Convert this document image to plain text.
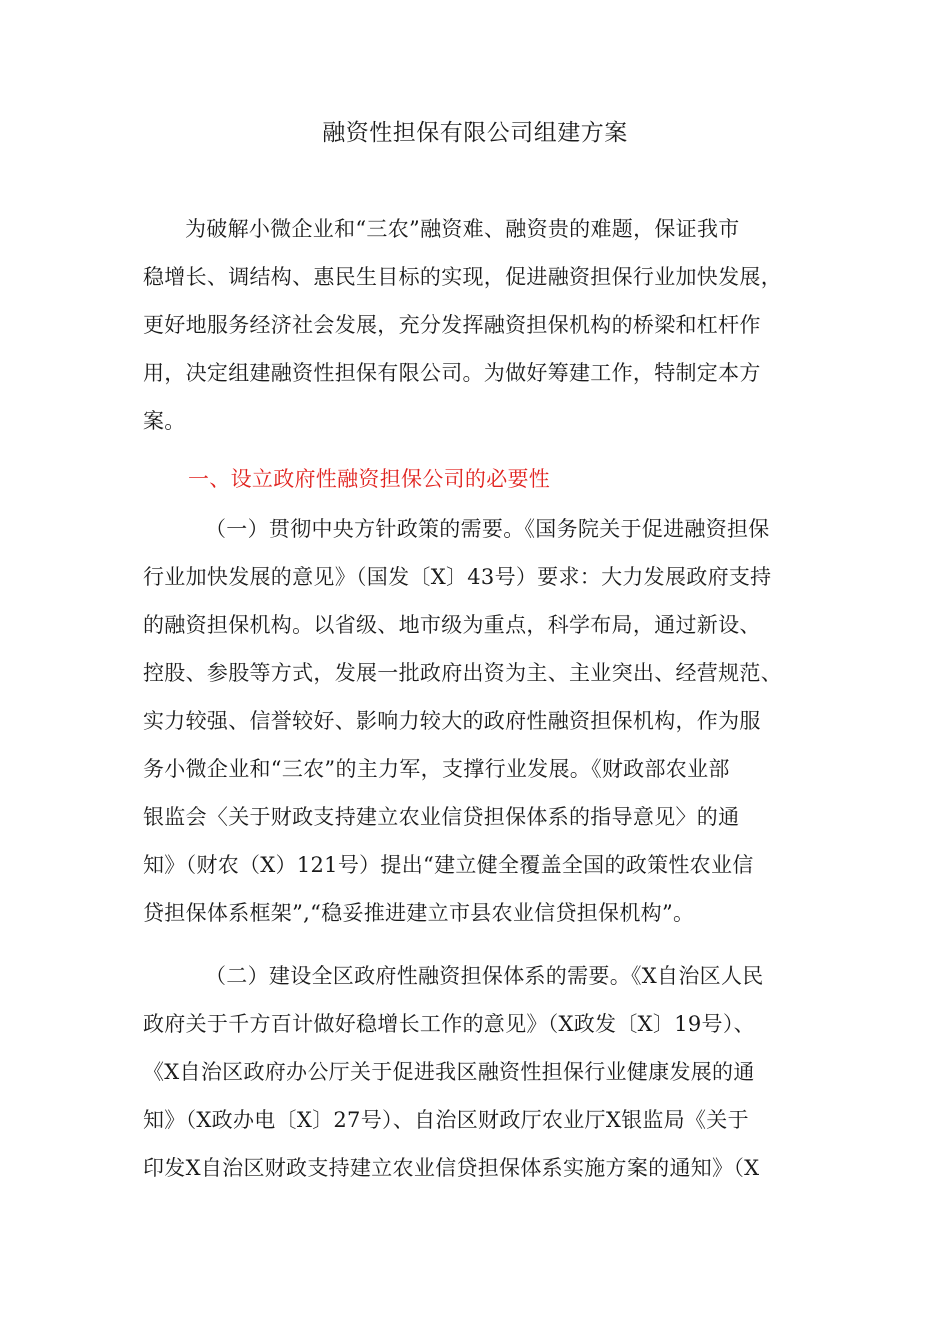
融资性担保有限公司组建方案
为破解小微企业和“三农”融资难、融资贵的难题，保证我市
稳增长、调结构、惠民生目标的实现，促进融资担保行业加快发展，
更好地服务经济社会发展，充分发挥融资担保机构的桥梁和杠杆作
用，决定组建融资性担保有限公司。为做好筹建工作，特制定本方
案。
一、设立政府性融资担保公司的必要性
（一）贯彻中央方针政策的需要。《国务院关于促进融资担保
行业加快发展的意见》（国发〔X〕43号）要求：大力发展政府支持
的融资担保机构。以省级、地市级为重点，科学布局，通过新设、
控股、参股等方式，发展一批政府出资为主、主业突出、经营规范、
实力较强、信誉较好、影响力较大的政府性融资担保机构，作为服
务小微企业和“三农”的主力军，支撑行业发展。《财政部农业部
银监会〈关于财政支持建立农业信贷担保体系的指导意见〉的通
知》（财农（X）121号）提出“建立健全覆盖全国的政策性农业信
贷担保体系框架”,“稳妥推进建立市县农业信贷担保机构”。
（二）建设全区政府性融资担保体系的需要。《X自治区人民
政府关于千方百计做好稳增长工作的意见》（X政发〔X〕19号）、
《X自治区政府办公厅关于促进我区融资性担保行业健康发展的通
知》（X政办电〔X〕27号）、自治区财政厅农业厅X银监局《关于
印发X自治区财政支持建立农业信贷担保体系实施方案的通知》（X
